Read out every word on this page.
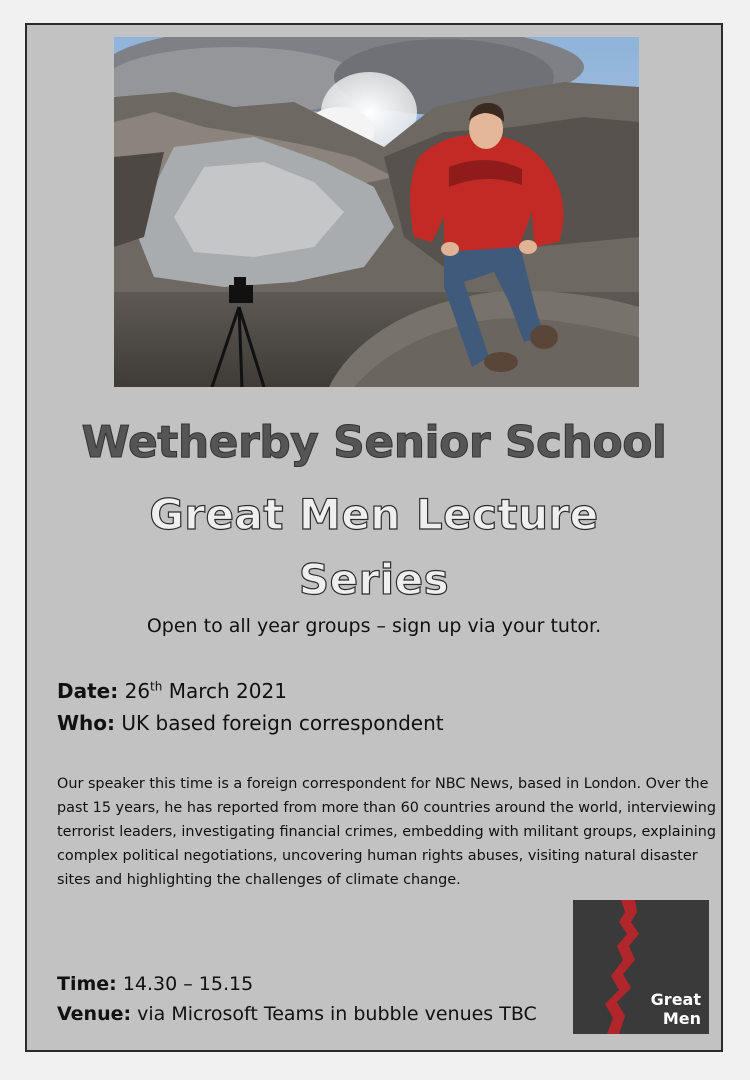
Wetherby Senior School
Great Men Lecture
Series
Open to all year groups – sign up via your tutor.
Date: 26th March 2021
Who: UK based foreign correspondent
Our speaker this time is a foreign correspondent for NBC News, based in London. Over the past 15 years, he has reported from more than 60 countries around the world, interviewing terrorist leaders, investigating financial crimes, embedding with militant groups, explaining complex political negotiations, uncovering human rights abuses, visiting natural disaster sites and highlighting the challenges of climate change.
Time: 14.30 – 15.15
Venue: via Microsoft Teams in bubble venues TBC
Great
Men
